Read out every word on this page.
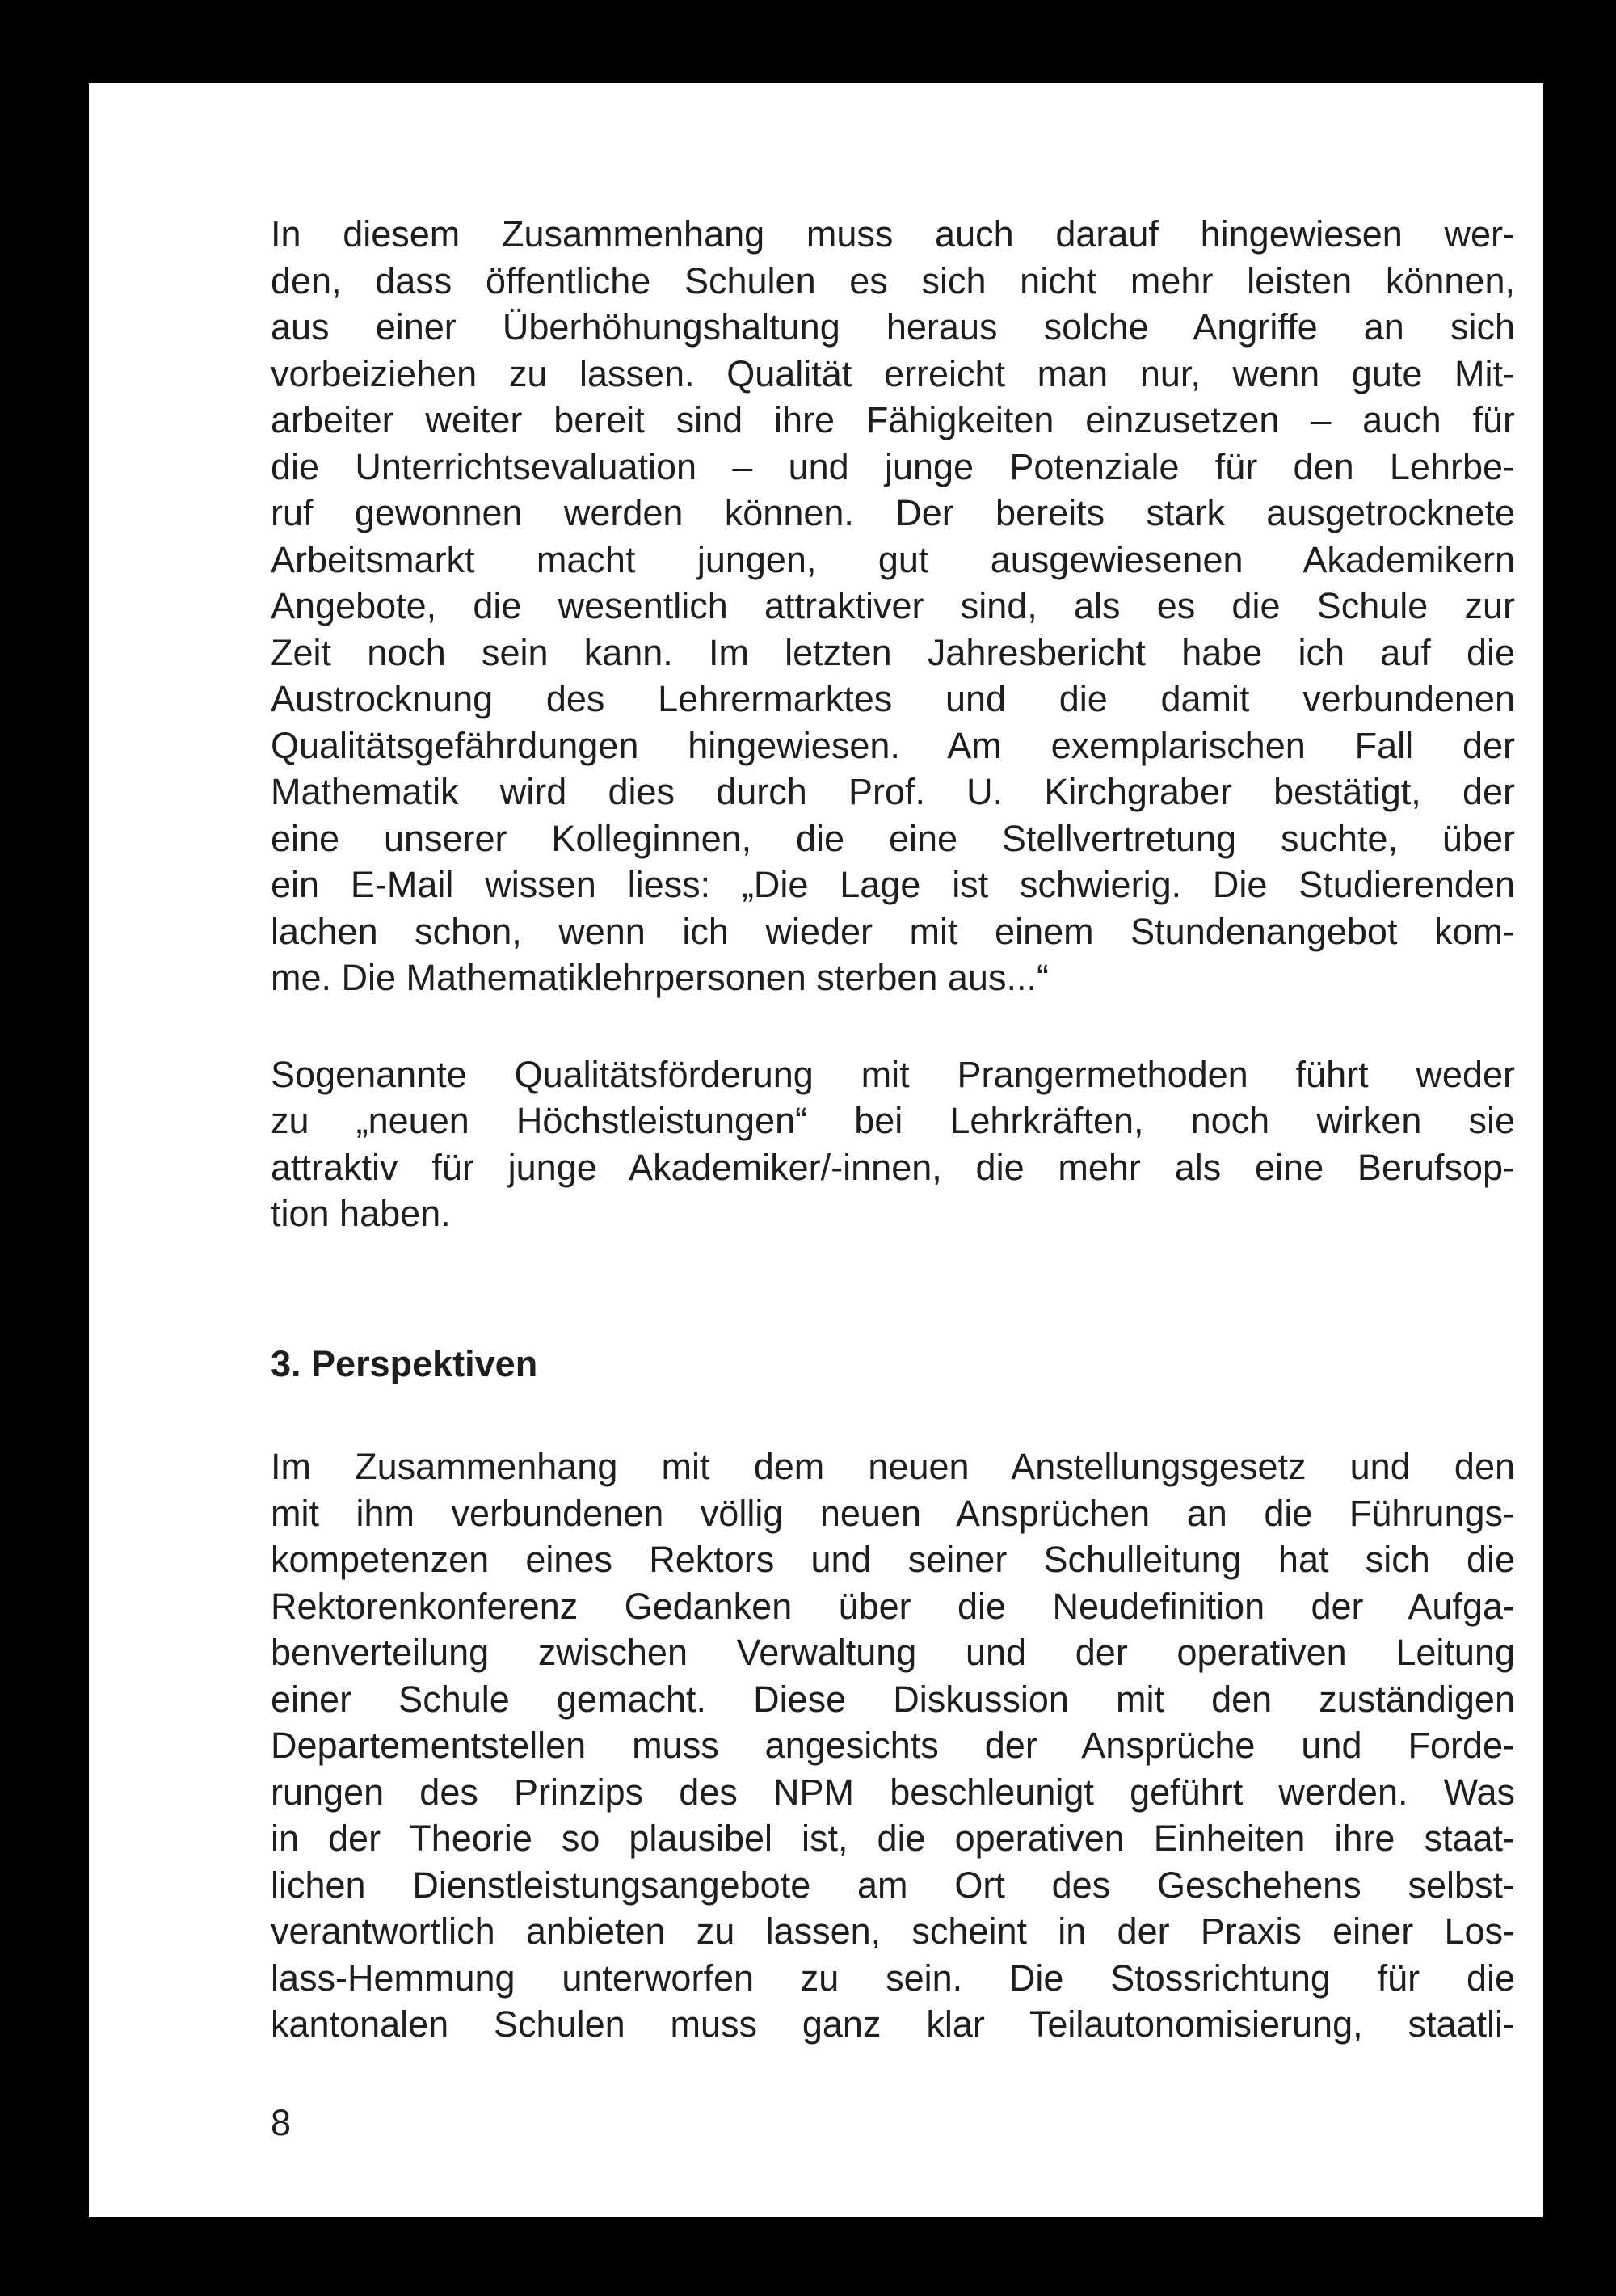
In diesem Zusammenhang muss auch darauf hingewiesen wer-
den, dass öffentliche Schulen es sich nicht mehr leisten können,
aus einer Überhöhungshaltung heraus solche Angriffe an sich
vorbeiziehen zu lassen. Qualität erreicht man nur, wenn gute Mit-
arbeiter weiter bereit sind ihre Fähigkeiten einzusetzen – auch für
die Unterrichtsevaluation – und junge Potenziale für den Lehrbe-
ruf gewonnen werden können. Der bereits stark ausgetrocknete
Arbeitsmarkt macht jungen, gut ausgewiesenen Akademikern
Angebote, die wesentlich attraktiver sind, als es die Schule zur
Zeit noch sein kann. Im letzten Jahresbericht habe ich auf die
Austrocknung des Lehrermarktes und die damit verbundenen
Qualitätsgefährdungen hingewiesen. Am exemplarischen Fall der
Mathematik wird dies durch Prof. U. Kirchgraber bestätigt, der
eine unserer Kolleginnen, die eine Stellvertretung suchte, über
ein E-Mail wissen liess: „Die Lage ist schwierig. Die Studierenden
lachen schon, wenn ich wieder mit einem Stundenangebot kom-
me. Die Mathematiklehrpersonen sterben aus...“

Sogenannte Qualitätsförderung mit Prangermethoden führt weder
zu „neuen Höchstleistungen“ bei Lehrkräften, noch wirken sie
attraktiv für junge Akademiker/-innen, die mehr als eine Berufsop-
tion haben.

3. Perspektiven

Im Zusammenhang mit dem neuen Anstellungsgesetz und den
mit ihm verbundenen völlig neuen Ansprüchen an die Führungs-
kompetenzen eines Rektors und seiner Schulleitung hat sich die
Rektorenkonferenz Gedanken über die Neudefinition der Aufga-
benverteilung zwischen Verwaltung und der operativen Leitung
einer Schule gemacht. Diese Diskussion mit den zuständigen
Departementstellen muss angesichts der Ansprüche und Forde-
rungen des Prinzips des NPM beschleunigt geführt werden. Was
in der Theorie so plausibel ist, die operativen Einheiten ihre staat-
lichen Dienstleistungsangebote am Ort des Geschehens selbst-
verantwortlich anbieten zu lassen, scheint in der Praxis einer Los-
lass-Hemmung unterworfen zu sein. Die Stossrichtung für die
kantonalen Schulen muss ganz klar Teilautonomisierung, staatli-

8
